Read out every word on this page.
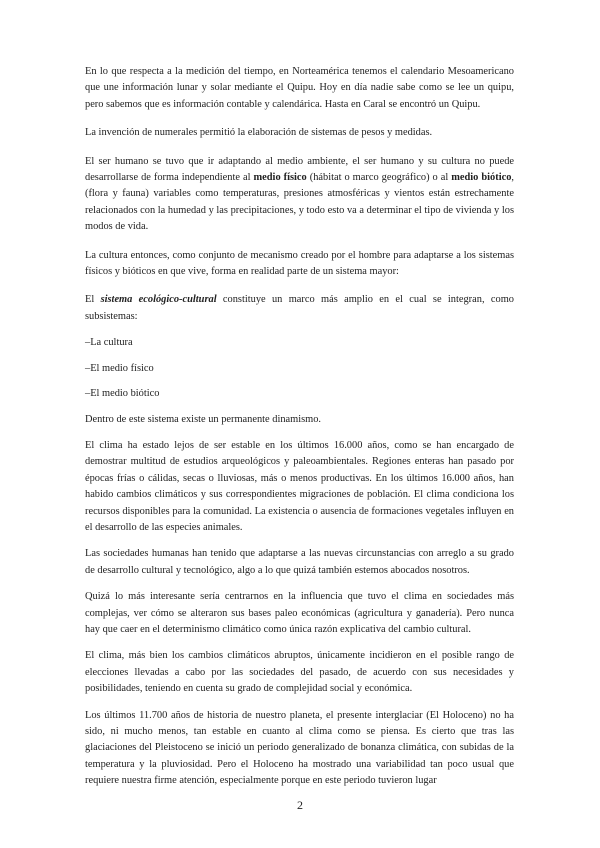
En lo que respecta a la medición del tiempo, en Norteamérica tenemos el calendario Mesoamericano que une información lunar y solar mediante el Quipu. Hoy en día nadie sabe como se lee un quipu, pero sabemos que es información contable y calendárica. Hasta en Caral se encontró un Quipu.

La invención de numerales permitió la elaboración de sistemas de pesos y medidas.

El ser humano se tuvo que ir adaptando al medio ambiente, el ser humano y su cultura no puede desarrollarse de forma independiente al medio físico (hábitat o marco geográfico) o al medio biótico, (flora y fauna) variables como temperaturas, presiones atmosféricas y vientos están estrechamente relacionados con la humedad y las precipitaciones, y todo esto va a determinar el tipo de vivienda y los modos de vida.

La cultura entonces, como conjunto de mecanismo creado por el hombre para adaptarse a los sistemas físicos y bióticos en que vive, forma en realidad parte de un sistema mayor:

El sistema ecológico-cultural constituye un marco más amplio en el cual se integran, como subsistemas:

–La cultura

–El medio físico

–El medio biótico

Dentro de este sistema existe un permanente dinamismo.

El clima ha estado lejos de ser estable en los últimos 16.000 años, como se han encargado de demostrar multitud de estudios arqueológicos y paleoambientales. Regiones enteras han pasado por épocas frías o cálidas, secas o lluviosas, más o menos productivas. En los últimos 16.000 años, han habido cambios climáticos y sus correspondientes migraciones de población. El clima condiciona los recursos disponibles para la comunidad. La existencia o ausencia de formaciones vegetales influyen en el desarrollo de las especies animales.

Las sociedades humanas han tenido que adaptarse a las nuevas circunstancias con arreglo a su grado de desarrollo cultural y tecnológico, algo a lo que quizá también estemos abocados nosotros.

Quizá lo más interesante sería centrarnos en la influencia que tuvo el clima en sociedades más complejas, ver cómo se alteraron sus bases paleo económicas (agricultura y ganadería). Pero nunca hay que caer en el determinismo climático como única razón explicativa del cambio cultural.

El clima, más bien los cambios climáticos abruptos, únicamente incidieron en el posible rango de elecciones llevadas a cabo por las sociedades del pasado, de acuerdo con sus necesidades y posibilidades, teniendo en cuenta su grado de complejidad social y económica.

Los últimos 11.700 años de historia de nuestro planeta, el presente interglaciar (El Holoceno) no ha sido, ni mucho menos, tan estable en cuanto al clima como se piensa. Es cierto que tras las glaciaciones del Pleistoceno se inició un periodo generalizado de bonanza climática, con subidas de la temperatura y la pluviosidad. Pero el Holoceno ha mostrado una variabilidad tan poco usual que requiere nuestra firme atención, especialmente porque en este periodo tuvieron lugar

2
